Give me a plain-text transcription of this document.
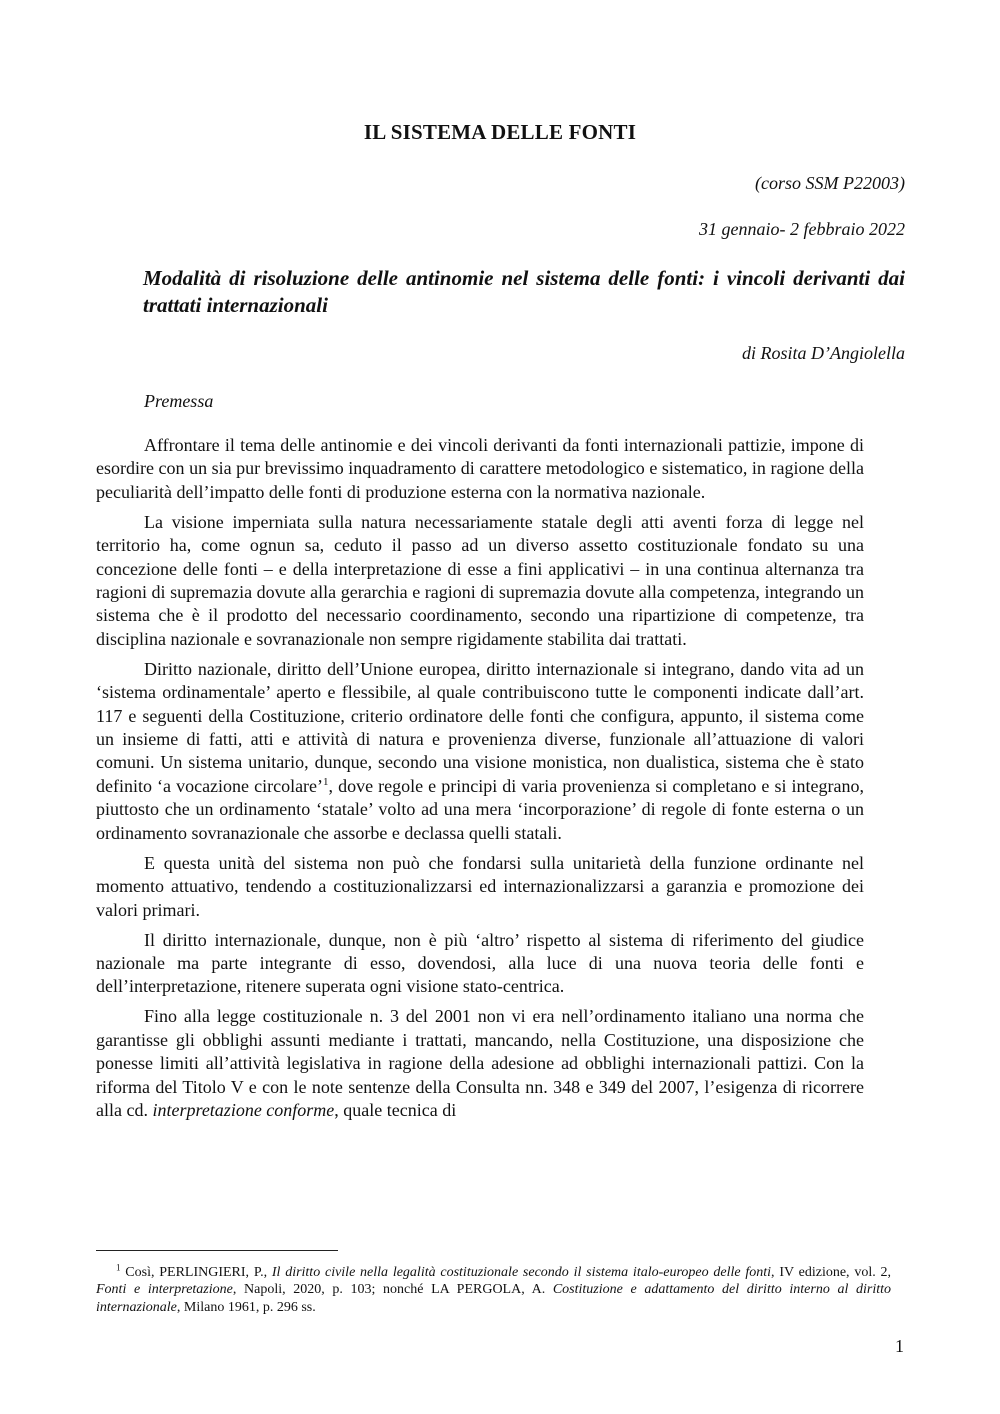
IL SISTEMA DELLE FONTI
(corso SSM P22003)
31 gennaio- 2 febbraio 2022
Modalità di risoluzione delle antinomie nel sistema delle fonti: i vincoli derivanti dai trattati internazionali
di Rosita D’Angiolella
Premessa

Affrontare il tema delle antinomie e dei vincoli derivanti da fonti internazionali pattizie, impone di esordire con un sia pur brevissimo inquadramento di carattere metodologico e sistematico, in ragione della peculiarità dell’impatto delle fonti di produzione esterna con la normativa nazionale.

La visione imperniata sulla natura necessariamente statale degli atti aventi forza di legge nel territorio ha, come ognun sa, ceduto il passo ad un diverso assetto costituzionale fondato su una concezione delle fonti – e della interpretazione di esse a fini applicativi – in una continua alternanza tra ragioni di supremazia dovute alla gerarchia e ragioni di supremazia dovute alla competenza, integrando un sistema che è il prodotto del necessario coordinamento, secondo una ripartizione di competenze, tra disciplina nazionale e sovranazionale non sempre rigidamente stabilita dai trattati.

Diritto nazionale, diritto dell’Unione europea, diritto internazionale si integrano, dando vita ad un ‘sistema ordinamentale’ aperto e flessibile, al quale contribuiscono tutte le componenti indicate dall’art. 117 e seguenti della Costituzione, criterio ordinatore delle fonti che configura, appunto, il sistema come un insieme di fatti, atti e attività di natura e provenienza diverse, funzionale all’attuazione di valori comuni. Un sistema unitario, dunque, secondo una visione monistica, non dualistica, sistema che è stato definito ‘a vocazione circolare’$^1$, dove regole e principi di varia provenienza si completano e si integrano, piuttosto che un ordinamento ‘statale’ volto ad una mera ‘incorporazione’ di regole di fonte esterna o un ordinamento sovranazionale che assorbe e declassa quelli statali.

E questa unità del sistema non può che fondarsi sulla unitarietà della funzione ordinante nel momento attuativo, tendendo a costituzionalizzarsi ed internazionalizzarsi a garanzia e promozione dei valori primari.

Il diritto internazionale, dunque, non è più ‘altro’ rispetto al sistema di riferimento del giudice nazionale ma parte integrante di esso, dovendosi, alla luce di una nuova teoria delle fonti e dell’interpretazione, ritenere superata ogni visione stato-centrica.

Fino alla legge costituzionale n. 3 del 2001 non vi era nell’ordinamento italiano una norma che garantisse gli obblighi assunti mediante i trattati, mancando, nella Costituzione, una disposizione che ponesse limiti all’attività legislativa in ragione della adesione ad obblighi internazionali pattizi. Con la riforma del Titolo V e con le note sentenze della Consulta nn. 348 e 349 del 2007, l’esigenza di ricorrere alla cd. interpretazione conforme, quale tecnica di

$^1$ Così, PERLINGIERI, P., Il diritto civile nella legalità costituzionale secondo il sistema italo-europeo delle fonti, IV edizione, vol. 2, Fonti e interpretazione, Napoli, 2020, p. 103; nonché LA PERGOLA, A. Costituzione e adattamento del diritto interno al diritto internazionale, Milano 1961, p. 296 ss.
1
